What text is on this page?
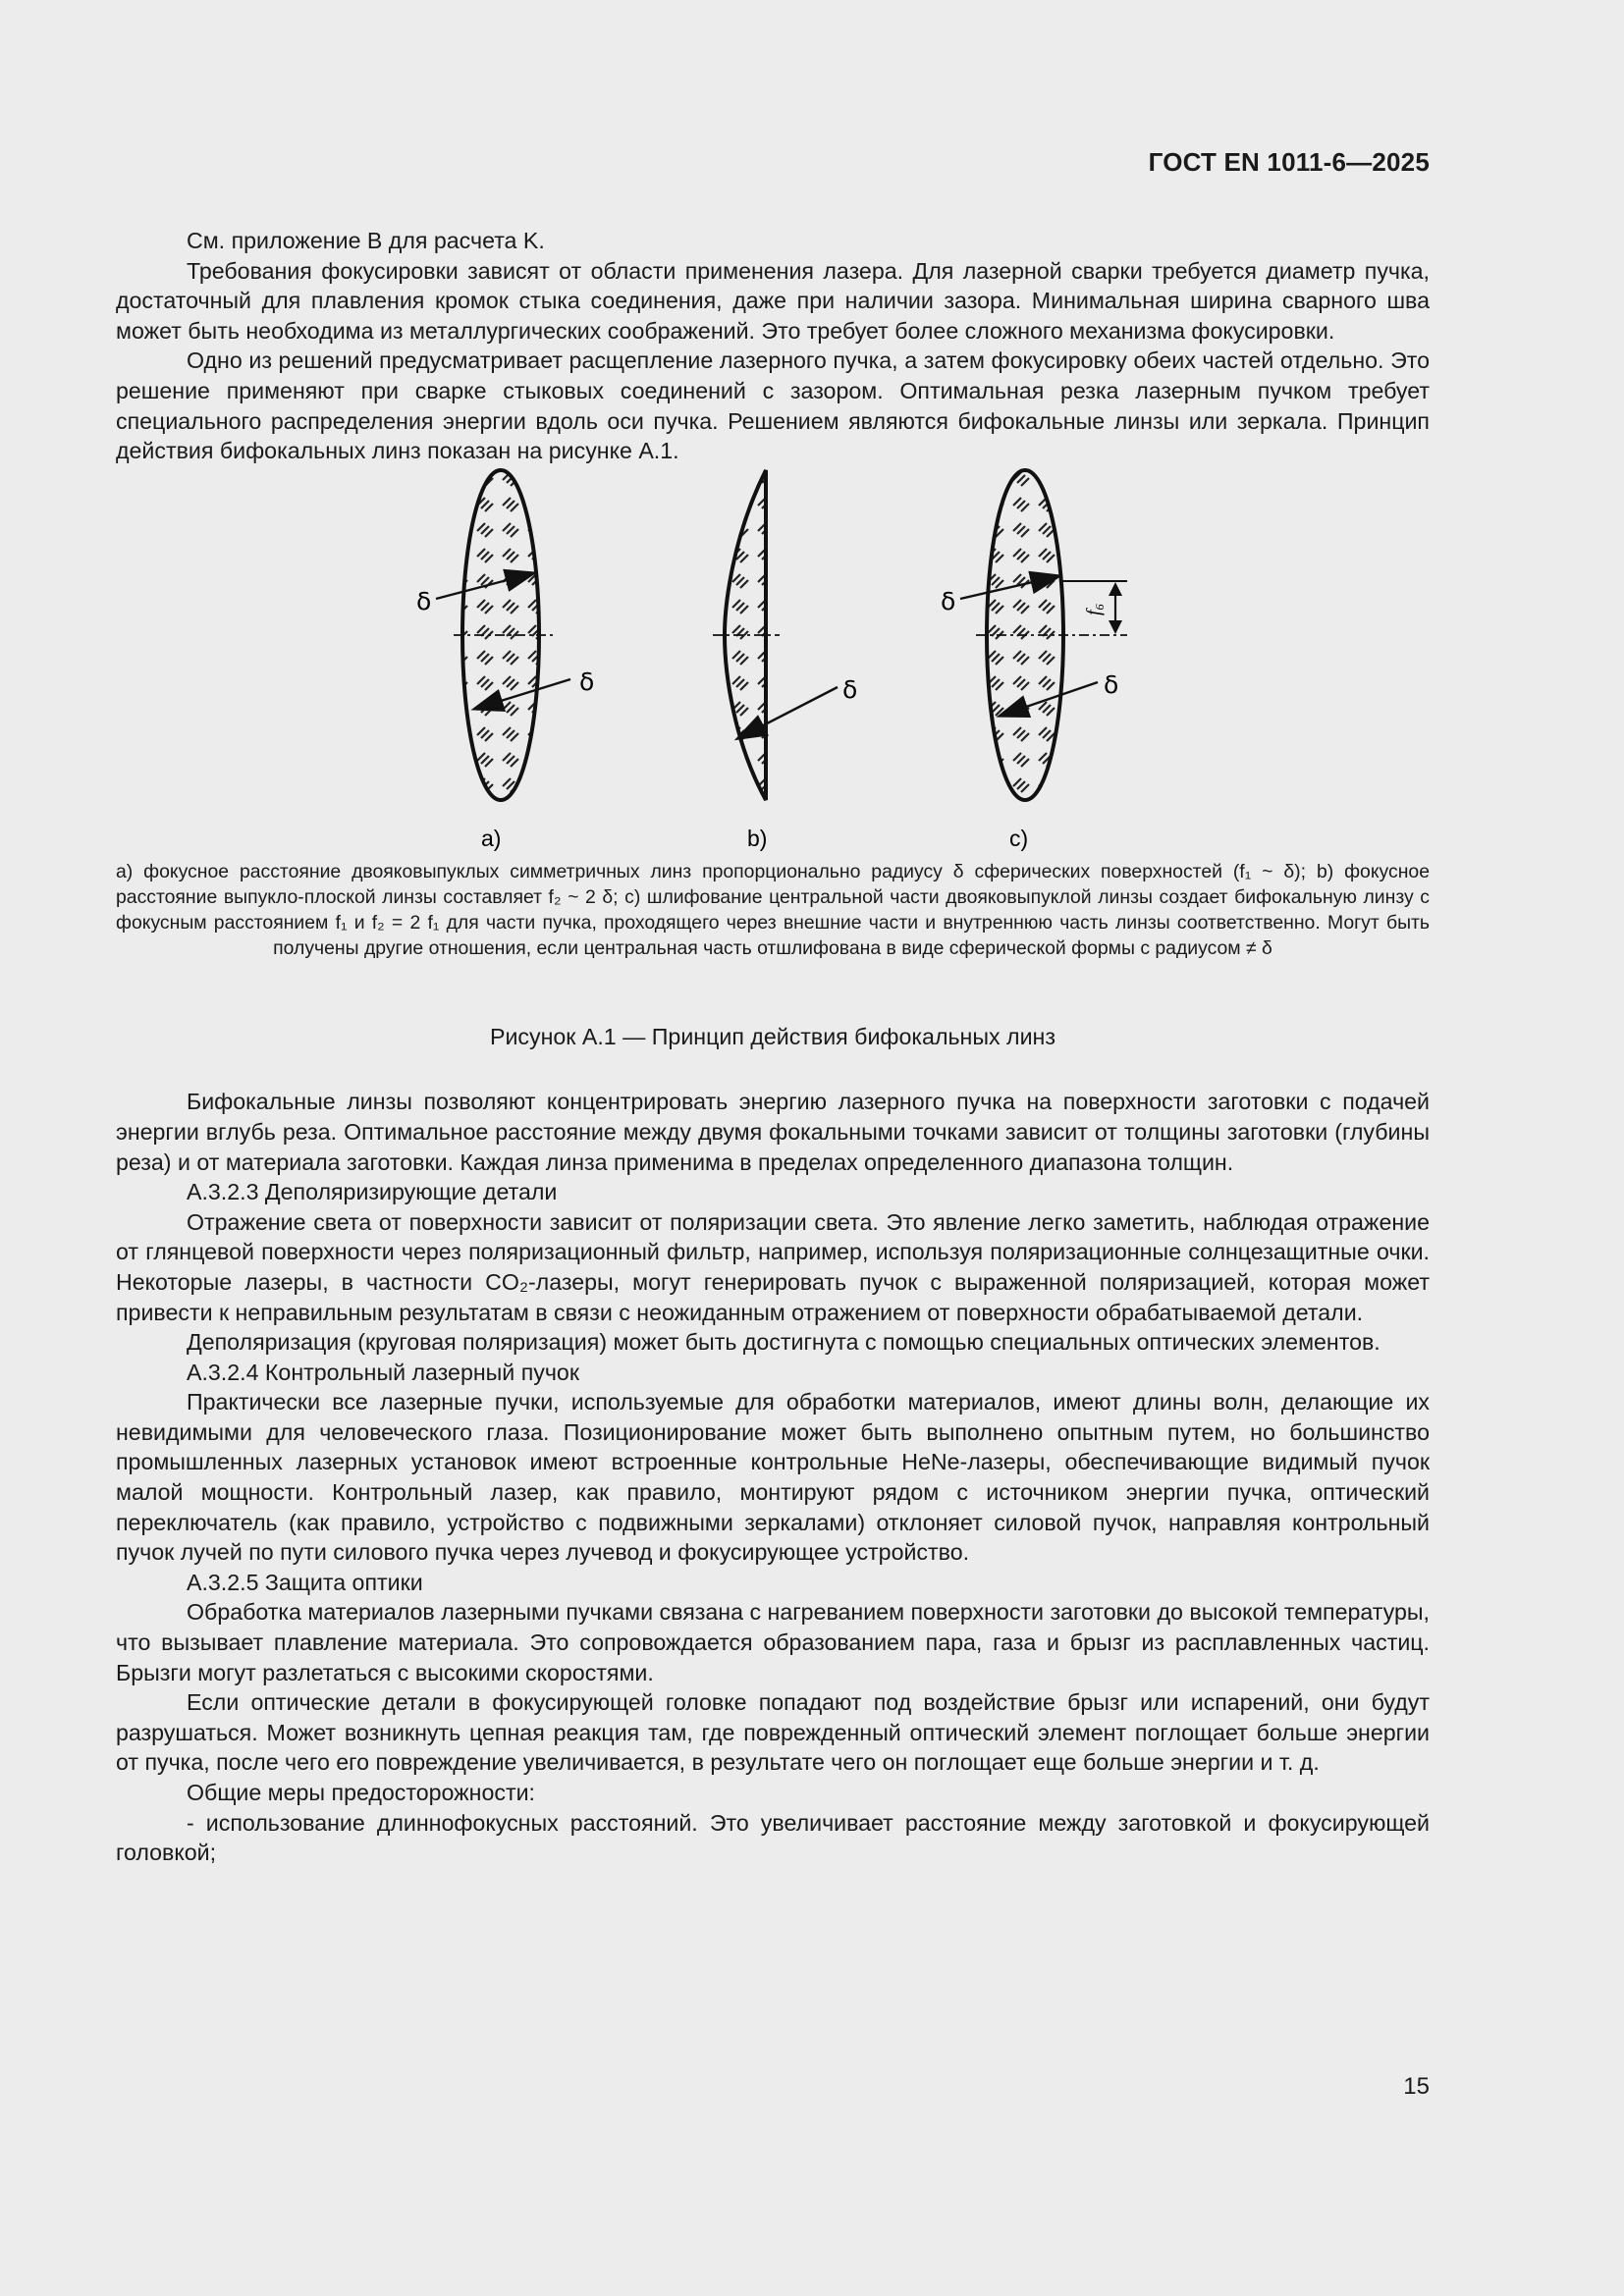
ГОСТ EN 1011-6—2025

См. приложение В для расчета K.

Требования фокусировки зависят от области применения лазера. Для лазерной сварки требуется диаметр пучка, достаточный для плавления кромок стыка соединения, даже при наличии зазора. Минимальная ширина сварного шва может быть необходима из металлургических соображений. Это требует более сложного механизма фокусировки.

Одно из решений предусматривает расщепление лазерного пучка, а затем фокусировку обеих частей отдельно. Это решение применяют при сварке стыковых соединений с зазором. Оптимальная резка лазерным пучком требует специального распределения энергии вдоль оси пучка. Решением являются бифокальные линзы или зеркала. Принцип действия бифокальных линз показан на рисунке А.1.

δ
δ
a)
δ
b)
f₆
δ
δ
c)
a) фокусное расстояние двояковыпуклых симметричных линз пропорционально радиусу δ сферических поверхностей (f₁ ~ δ); b) фокусное расстояние выпукло-плоской линзы составляет f₂ ~ 2 δ; c) шлифование центральной части двояковыпуклой линзы создает бифокальную линзу с фокусным расстоянием f₁ и f₂ = 2 f₁ для части пучка, проходящего через внешние части и внутреннюю часть линзы соответственно. Могут быть получены другие отношения, если центральная часть отшлифована в виде сферической формы с радиусом ≠ δ
Рисунок А.1 — Принцип действия бифокальных линз

Бифокальные линзы позволяют концентрировать энергию лазерного пучка на поверхности заготовки с подачей энергии вглубь реза. Оптимальное расстояние между двумя фокальными точками зависит от толщины заготовки (глубины реза) и от материала заготовки. Каждая линза применима в пределах определенного диапазона толщин.

А.3.2.3 Деполяризирующие детали

Отражение света от поверхности зависит от поляризации света. Это явление легко заметить, наблюдая отражение от глянцевой поверхности через поляризационный фильтр, например, используя поляризационные солнцезащитные очки. Некоторые лазеры, в частности CO₂-лазеры, могут генерировать пучок с выраженной поляризацией, которая может привести к неправильным результатам в связи с неожиданным отражением от поверхности обрабатываемой детали.

Деполяризация (круговая поляризация) может быть достигнута с помощью специальных оптических элементов.

А.3.2.4 Контрольный лазерный пучок

Практически все лазерные пучки, используемые для обработки материалов, имеют длины волн, делающие их невидимыми для человеческого глаза. Позиционирование может быть выполнено опытным путем, но большинство промышленных лазерных установок имеют встроенные контрольные HeNe-лазеры, обеспечивающие видимый пучок малой мощности. Контрольный лазер, как правило, монтируют рядом с источником энергии пучка, оптический переключатель (как правило, устройство с подвижными зеркалами) отклоняет силовой пучок, направляя контрольный пучок лучей по пути силового пучка через лучевод и фокусирующее устройство.

А.3.2.5 Защита оптики

Обработка материалов лазерными пучками связана с нагреванием поверхности заготовки до высокой температуры, что вызывает плавление материала. Это сопровождается образованием пара, газа и брызг из расплавленных частиц. Брызги могут разлетаться с высокими скоростями.

Если оптические детали в фокусирующей головке попадают под воздействие брызг или испарений, они будут разрушаться. Может возникнуть цепная реакция там, где поврежденный оптический элемент поглощает больше энергии от пучка, после чего его повреждение увеличивается, в результате чего он поглощает еще больше энергии и т. д.

Общие меры предосторожности:

- использование длиннофокусных расстояний. Это увеличивает расстояние между заготовкой и фокусирующей головкой;

15
